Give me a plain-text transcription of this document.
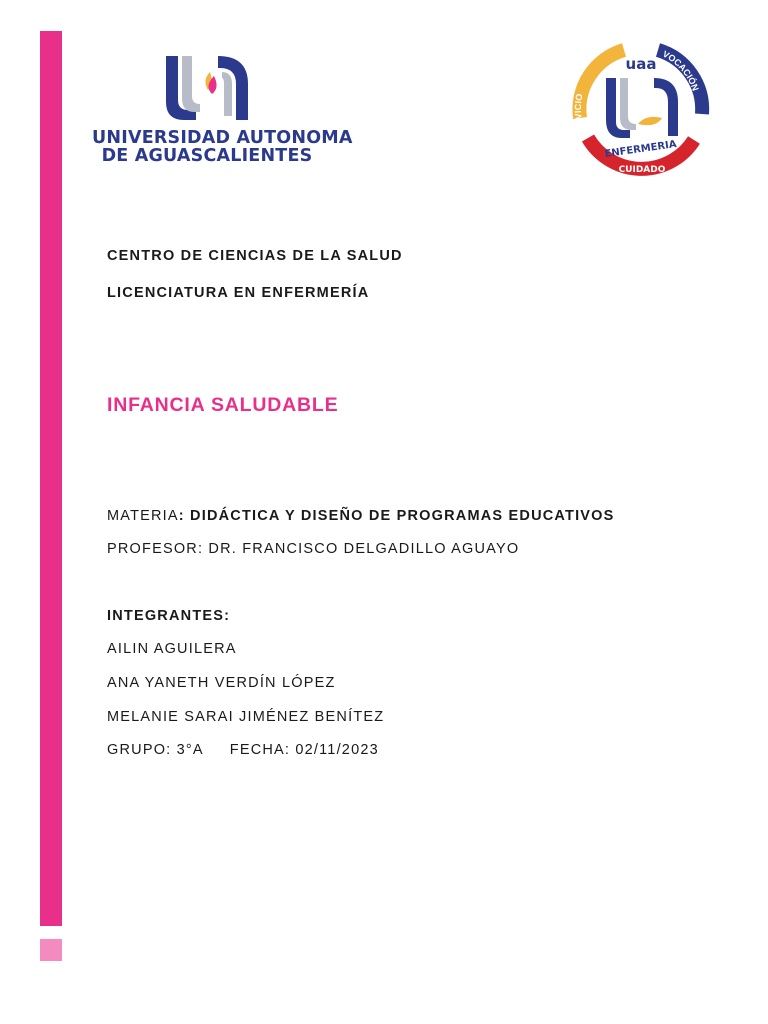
UNIVERSIDAD AUTONOMA
DE AGUASCALIENTES
SERVICIO
VOCACIÓN
uaa
ENFERMERIA
CUIDADO
CENTRO DE CIENCIAS DE LA SALUD
LICENCIATURA EN ENFERMERÍA
INFANCIA SALUDABLE
MATERIA: DIDÁCTICA Y DISEÑO DE PROGRAMAS EDUCATIVOS
PROFESOR: DR. FRANCISCO DELGADILLO AGUAYO
INTEGRANTES:
AILIN AGUILERA
ANA YANETH VERDÍN LÓPEZ
MELANIE SARAI JIMÉNEZ BENÍTEZ
GRUPO: 3°A FECHA: 02/11/2023
